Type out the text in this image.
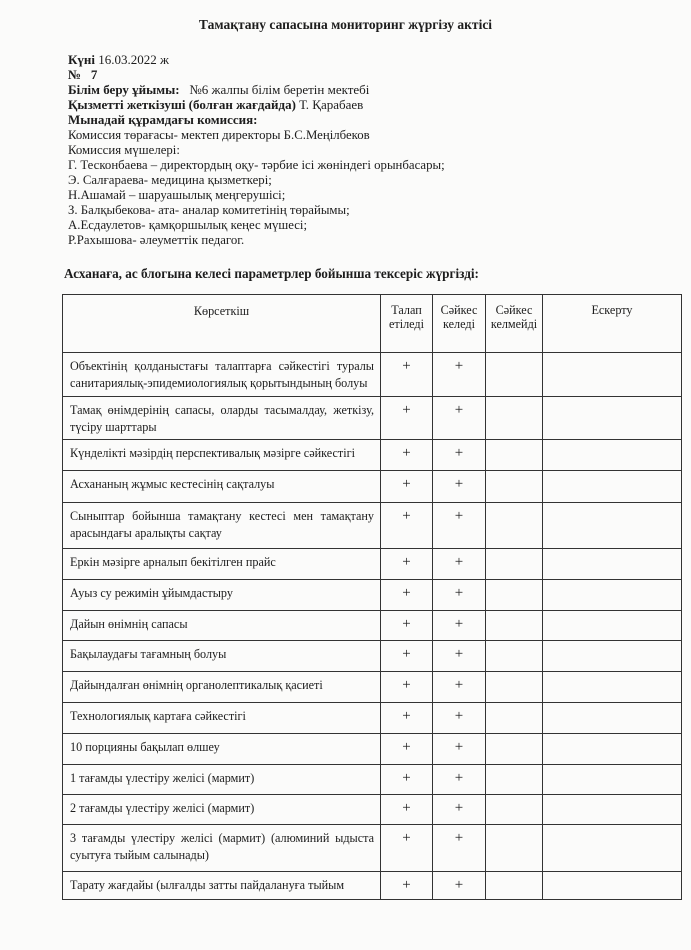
Тамақтану сапасына мониторинг жүргізу актісі
Күні 16.03.2022 ж
№ 7
Білім беру ұйымы: №6 жалпы білім беретін мектебі
Қызметті жеткізуші (болған жағдайда) Т. Қарабаев
Мынадай құрамдағы комиссия:
Комиссия төрағасы- мектеп директоры Б.С.Меңілбеков
Комиссия мүшелері:
Г. Тесконбаева – директордың оқу- тәрбие ісі жөніндегі орынбасары;
Э. Салғараева- медицина қызметкері;
Н.Ашамай – шаруашылық меңгерушісі;
З. Балқыбекова- ата- аналар комитетінің төрайымы;
А.Есдаулетов- қамқоршылық кеңес мүшесі;
Р.Рахышова- әлеуметтік педагог.
Асханаға, ас блогына келесі параметрлер бойынша тексеріс жүргізді:
Көрсеткіш	Талап етіледі	Сәйкес келеді	Сәйкес келмейді	Ескерту
Объектінің қолданыстағы талаптарға сәйкестігі туралы санитариялық-эпидемиологиялық қорытындының болуы	+	+		
Тамақ өнімдерінің сапасы, оларды тасымалдау, жеткізу, түсіру шарттары	+	+		
Күнделікті мәзірдің перспективалық мәзірге сәйкестігі	+	+		
Асхананың жұмыс кестесінің сақталуы	+	+		
Сыныптар бойынша тамақтану кестесі мен тамақтану арасындағы аралықты сақтау	+	+		
Еркін мәзірге арналып бекітілген прайс	+	+		
Ауыз су режимін ұйымдастыру	+	+		
Дайын өнімнің сапасы	+	+		
Бақылаудағы тағамның болуы	+	+		
Дайындалған өнімнің органолептикалық қасиеті	+	+		
Технологиялық картаға сәйкестігі	+	+		
10 порцияны бақылап өлшеу	+	+		
1 тағамды үлестіру желісі (мармит)	+	+		
2 тағамды үлестіру желісі (мармит)	+	+		
3 тағамды үлестіру желісі (мармит) (алюминий ыдыста суытуға тыйым салынады)	+	+		
Тарату жағдайы (ылғалды затты пайдалануға тыйым	+	+		
